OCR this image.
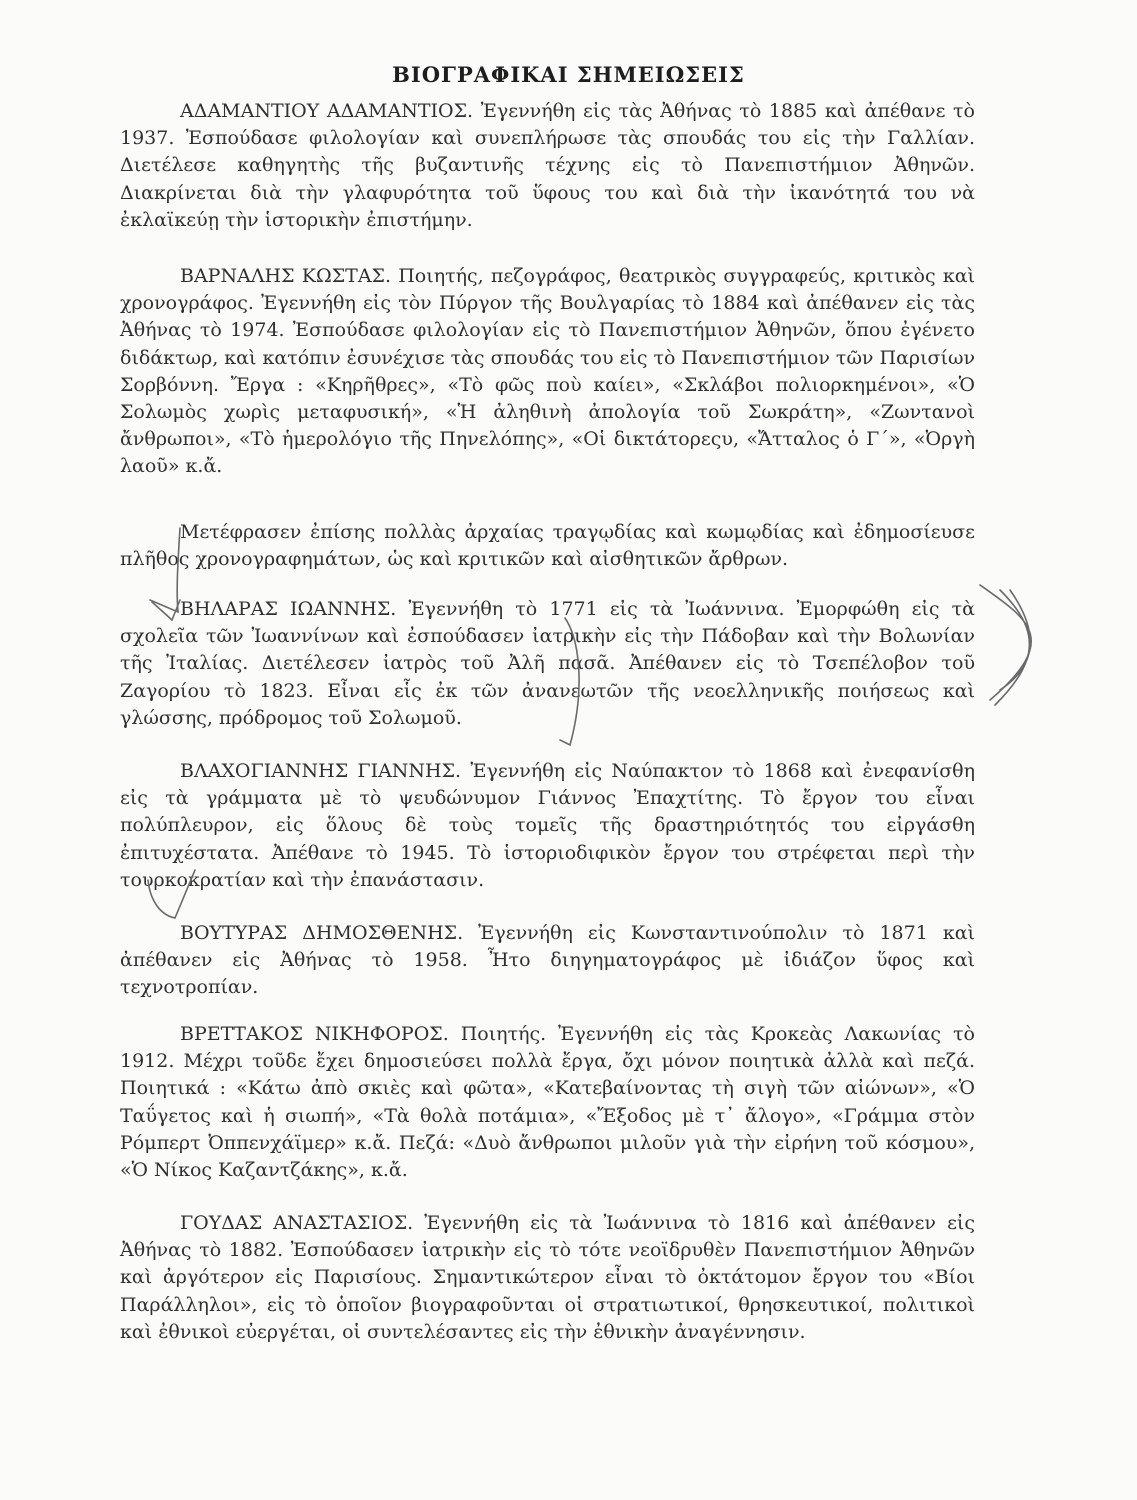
ΒΙΟΓΡΑΦΙΚΑΙ ΣΗΜΕΙΩΣΕΙΣ

ΑΔΑΜΑΝΤΙΟΥ ΑΔΑΜΑΝΤΙΟΣ. Ἐγεννήθη εἰς τὰς Ἀθήνας τὸ 1885 καὶ ἀπέθανε τὸ 1937. Ἐσπούδασε φιλολογίαν καὶ συνεπλήρωσε τὰς σπουδάς του εἰς τὴν Γαλλίαν. Διετέλεσε καθηγητὴς τῆς βυζαντινῆς τέχνης εἰς τὸ Πανεπιστήμιον Ἀθηνῶν. Διακρίνεται διὰ τὴν γλαφυρότητα τοῦ ὕφους του καὶ διὰ τὴν ἱκανότητά του νὰ ἐκλαϊκεύῃ τὴν ἱστορικὴν ἐπιστήμην.

ΒΑΡΝΑΛΗΣ ΚΩΣΤΑΣ. Ποιητής, πεζογράφος, θεατρικὸς συγγραφεύς, κριτικὸς καὶ χρονογράφος. Ἐγεννήθη εἰς τὸν Πύργον τῆς Βουλγαρίας τὸ 1884 καὶ ἀπέθανεν εἰς τὰς Ἀθήνας τὸ 1974. Ἐσπούδασε φιλολογίαν εἰς τὸ Πανεπιστήμιον Ἀθηνῶν, ὅπου ἐγένετο διδάκτωρ, καὶ κατόπιν ἐσυνέχισε τὰς σπουδάς του εἰς τὸ Πανεπιστήμιον τῶν Παρισίων Σορβόννη. Ἔργα : «Κηρῆθρες», «Τὸ φῶς ποὺ καίει», «Σκλάβοι πολιορκημένοι», «Ὁ Σολωμὸς χωρὶς μεταφυσική», «Ἡ ἀληθινὴ ἀπολογία τοῦ Σωκράτη», «Ζωντανοὶ ἄνθρωποι», «Τὸ ἡμερολόγιο τῆς Πηνελόπης», «Οἱ δικτάτορεςυ, «Ἄτταλος ὁ Γ´», «Ὀργὴ λαοῦ» κ.ἄ.

Μετέφρασεν ἐπίσης πολλὰς ἀρχαίας τραγῳδίας καὶ κωμῳδίας καὶ ἐδημοσίευσε πλῆθος χρονογραφημάτων, ὡς καὶ κριτικῶν καὶ αἰσθητικῶν ἄρθρων.

ΒΗΛΑΡΑΣ ΙΩΑΝΝΗΣ. Ἐγεννήθη τὸ 1771 εἰς τὰ Ἰωάννινα. Ἐμορφώθη εἰς τὰ σχολεῖα τῶν Ἰωαννίνων καὶ ἐσπούδασεν ἰατρικὴν εἰς τὴν Πάδοβαν καὶ τὴν Βολωνίαν τῆς Ἰταλίας. Διετέλεσεν ἰατρὸς τοῦ Ἀλῆ πασᾶ. Ἀπέθανεν εἰς τὸ Τσεπέλοβον τοῦ Ζαγορίου τὸ 1823. Εἶναι εἷς ἐκ τῶν ἀνανεωτῶν τῆς νεοελληνικῆς ποιήσεως καὶ γλώσσης, πρόδρομος τοῦ Σολωμοῦ.

ΒΛΑΧΟΓΙΑΝΝΗΣ ΓΙΑΝΝΗΣ. Ἐγεννήθη εἰς Ναύπακτον τὸ 1868 καὶ ἐνεφανίσθη εἰς τὰ γράμματα μὲ τὸ ψευδώνυμον Γιάννος Ἐπαχτίτης. Τὸ ἔργον του εἶναι πολύπλευρον, εἰς ὅλους δὲ τοὺς τομεῖς τῆς δραστηριότητός του εἰργάσθη ἐπιτυχέστατα. Ἀπέθανε τὸ 1945. Τὸ ἱστοριοδιφικὸν ἔργον του στρέφεται περὶ τὴν τουρκοκρατίαν καὶ τὴν ἐπανάστασιν.

ΒΟΥΤΥΡΑΣ ΔΗΜΟΣΘΕΝΗΣ. Ἐγεννήθη εἰς Κωνσταντινούπολιν τὸ 1871 καὶ ἀπέθανεν εἰς Ἀθήνας τὸ 1958. Ἦτο διηγηματογράφος μὲ ἰδιάζον ὕφος καὶ τεχνοτροπίαν.

ΒΡΕΤΤΑΚΟΣ ΝΙΚΗΦΟΡΟΣ. Ποιητής. Ἐγεννήθη εἰς τὰς Κροκεὰς Λακωνίας τὸ 1912. Μέχρι τοῦδε ἔχει δημοσιεύσει πολλὰ ἔργα, ὄχι μόνον ποιητικὰ ἀλλὰ καὶ πεζά. Ποιητικά : «Κάτω ἀπὸ σκιὲς καὶ φῶτα», «Κατεβαίνοντας τὴ σιγὴ τῶν αἰώνων», «Ὁ Ταΰγετος καὶ ἡ σιωπή», «Τὰ θολὰ ποτάμια», «Ἔξοδος μὲ τ᾽ ἄλογο», «Γράμμα στὸν Ρόμπερτ Ὀππενχάϊμερ» κ.ἄ. Πεζά: «Δυὸ ἄνθρωποι μιλοῦν γιὰ τὴν εἰρήνη τοῦ κόσμου», «Ὁ Νίκος Καζαντζάκης», κ.ἄ.

ΓΟΥΔΑΣ ΑΝΑΣΤΑΣΙΟΣ. Ἐγεννήθη εἰς τὰ Ἰωάννινα τὸ 1816 καὶ ἀπέθανεν εἰς Ἀθήνας τὸ 1882. Ἐσπούδασεν ἰατρικὴν εἰς τὸ τότε νεοϊδρυθὲν Πανεπιστήμιον Ἀθηνῶν καὶ ἀργότερον εἰς Παρισίους. Σημαντικώτερον εἶναι τὸ ὀκτάτομον ἔργον του «Βίοι Παράλληλοι», εἰς τὸ ὁποῖον βιογραφοῦνται οἱ στρατιωτικοί, θρησκευτικοί, πολιτικοὶ καὶ ἐθνικοὶ εὐεργέται, οἱ συντελέσαντες εἰς τὴν ἐθνικὴν ἀναγέννησιν.
